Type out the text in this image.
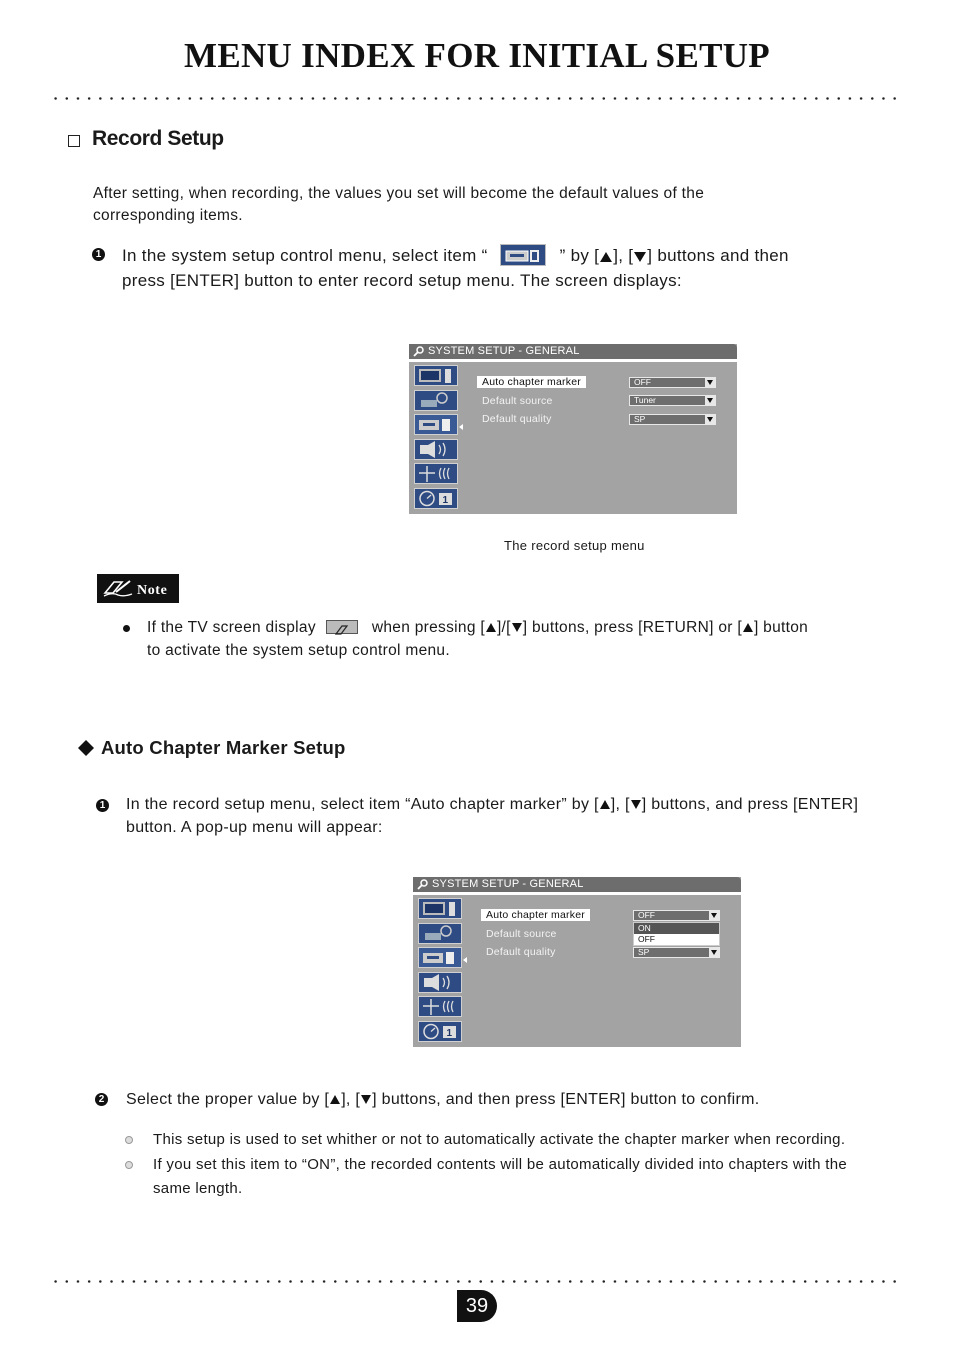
MENU INDEX FOR INITIAL SETUP
Record Setup
After setting, when recording, the values you set will become the default values of the
corresponding items.
1 In the system setup control menu, select item “	” by [ ], [ ] buttons and then
press [ENTER] button to enter record setup menu. The screen displays:
SYSTEM SETUP - GENERAL
1
Auto chapter marker
Default source
Default quality
OFF
Tuner
SP
The record setup menu
Note
If the TV screen display	when pressing [ ]/[ ] buttons, press [RETURN] or [ ] button
to activate the system setup control menu.
Auto Chapter Marker Setup
1 In the record setup menu, select item “Auto chapter marker” by [ ], [ ] buttons, and press [ENTER]
button. A pop-up menu will appear:
SYSTEM SETUP - GENERAL
1
Auto chapter marker
Default source
Default quality
OFF
ON
OFF
SP
2 Select the proper value by [ ], [ ] buttons, and then press [ENTER] button to confirm.
This setup is used to set whither or not to automatically activate the chapter marker when recording.
If you set this item to “ON”, the recorded contents will be automatically divided into chapters with the
same length.
39
